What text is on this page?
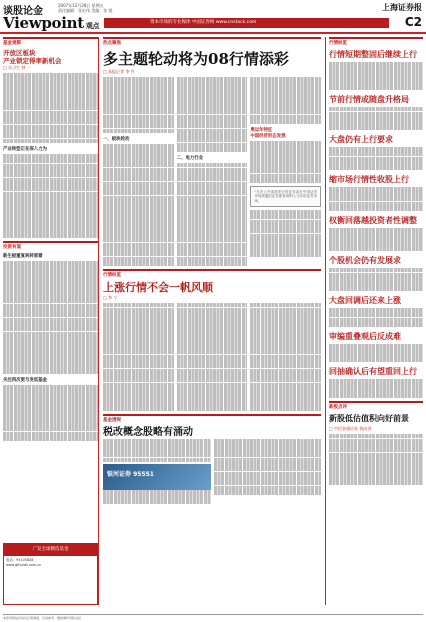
谈股论金
2007年12月28日 星期五
责任编辑：张宏伟 美编：张 媛	上海证券报
Viewpoint 观点	资本市场的专业媒体 中国证券网 www.cnstock.com	C2
基金观察
开放区板块
产业锁定得率新机会
□ 实习生 钟 一
产业转型正在深入力为
投资有道
新生板重复转转原着
关注再次更与发低基金
广发全球精选基金
电话：95105828
www.gffunds.com.cn
热点聚焦
多主题轮动将为08行情添彩
□ 本报记者 李 丹
一、板块轮动
二、电力行业
奥运年特征
中国经济形态发展
“凡在公开渠道发行的证券或在中国证券市场流通的证券都将被纳入当年的证券市场。
行情纵览
上涨行情不会一帆风顺
□ 李 宁
基金透视
税改概念股略有涌动
银河证券 95551
行情纵览
行情短期整固后继续上行
节前行情或随盘升格局
大盘仍有上行要求
缩市场行情性收股上行
权衡回落越投资者性调整
个股机会仍有发展求
大盘回调后还来上涨
审编重叠观后反成难
回抽确认后有望重回上行
新股点评
新股低估值积向好前景
□ 中信金通证券 钱向劲
本报所载信息来自正规渠道，仅供参考，据此操作风险自担
